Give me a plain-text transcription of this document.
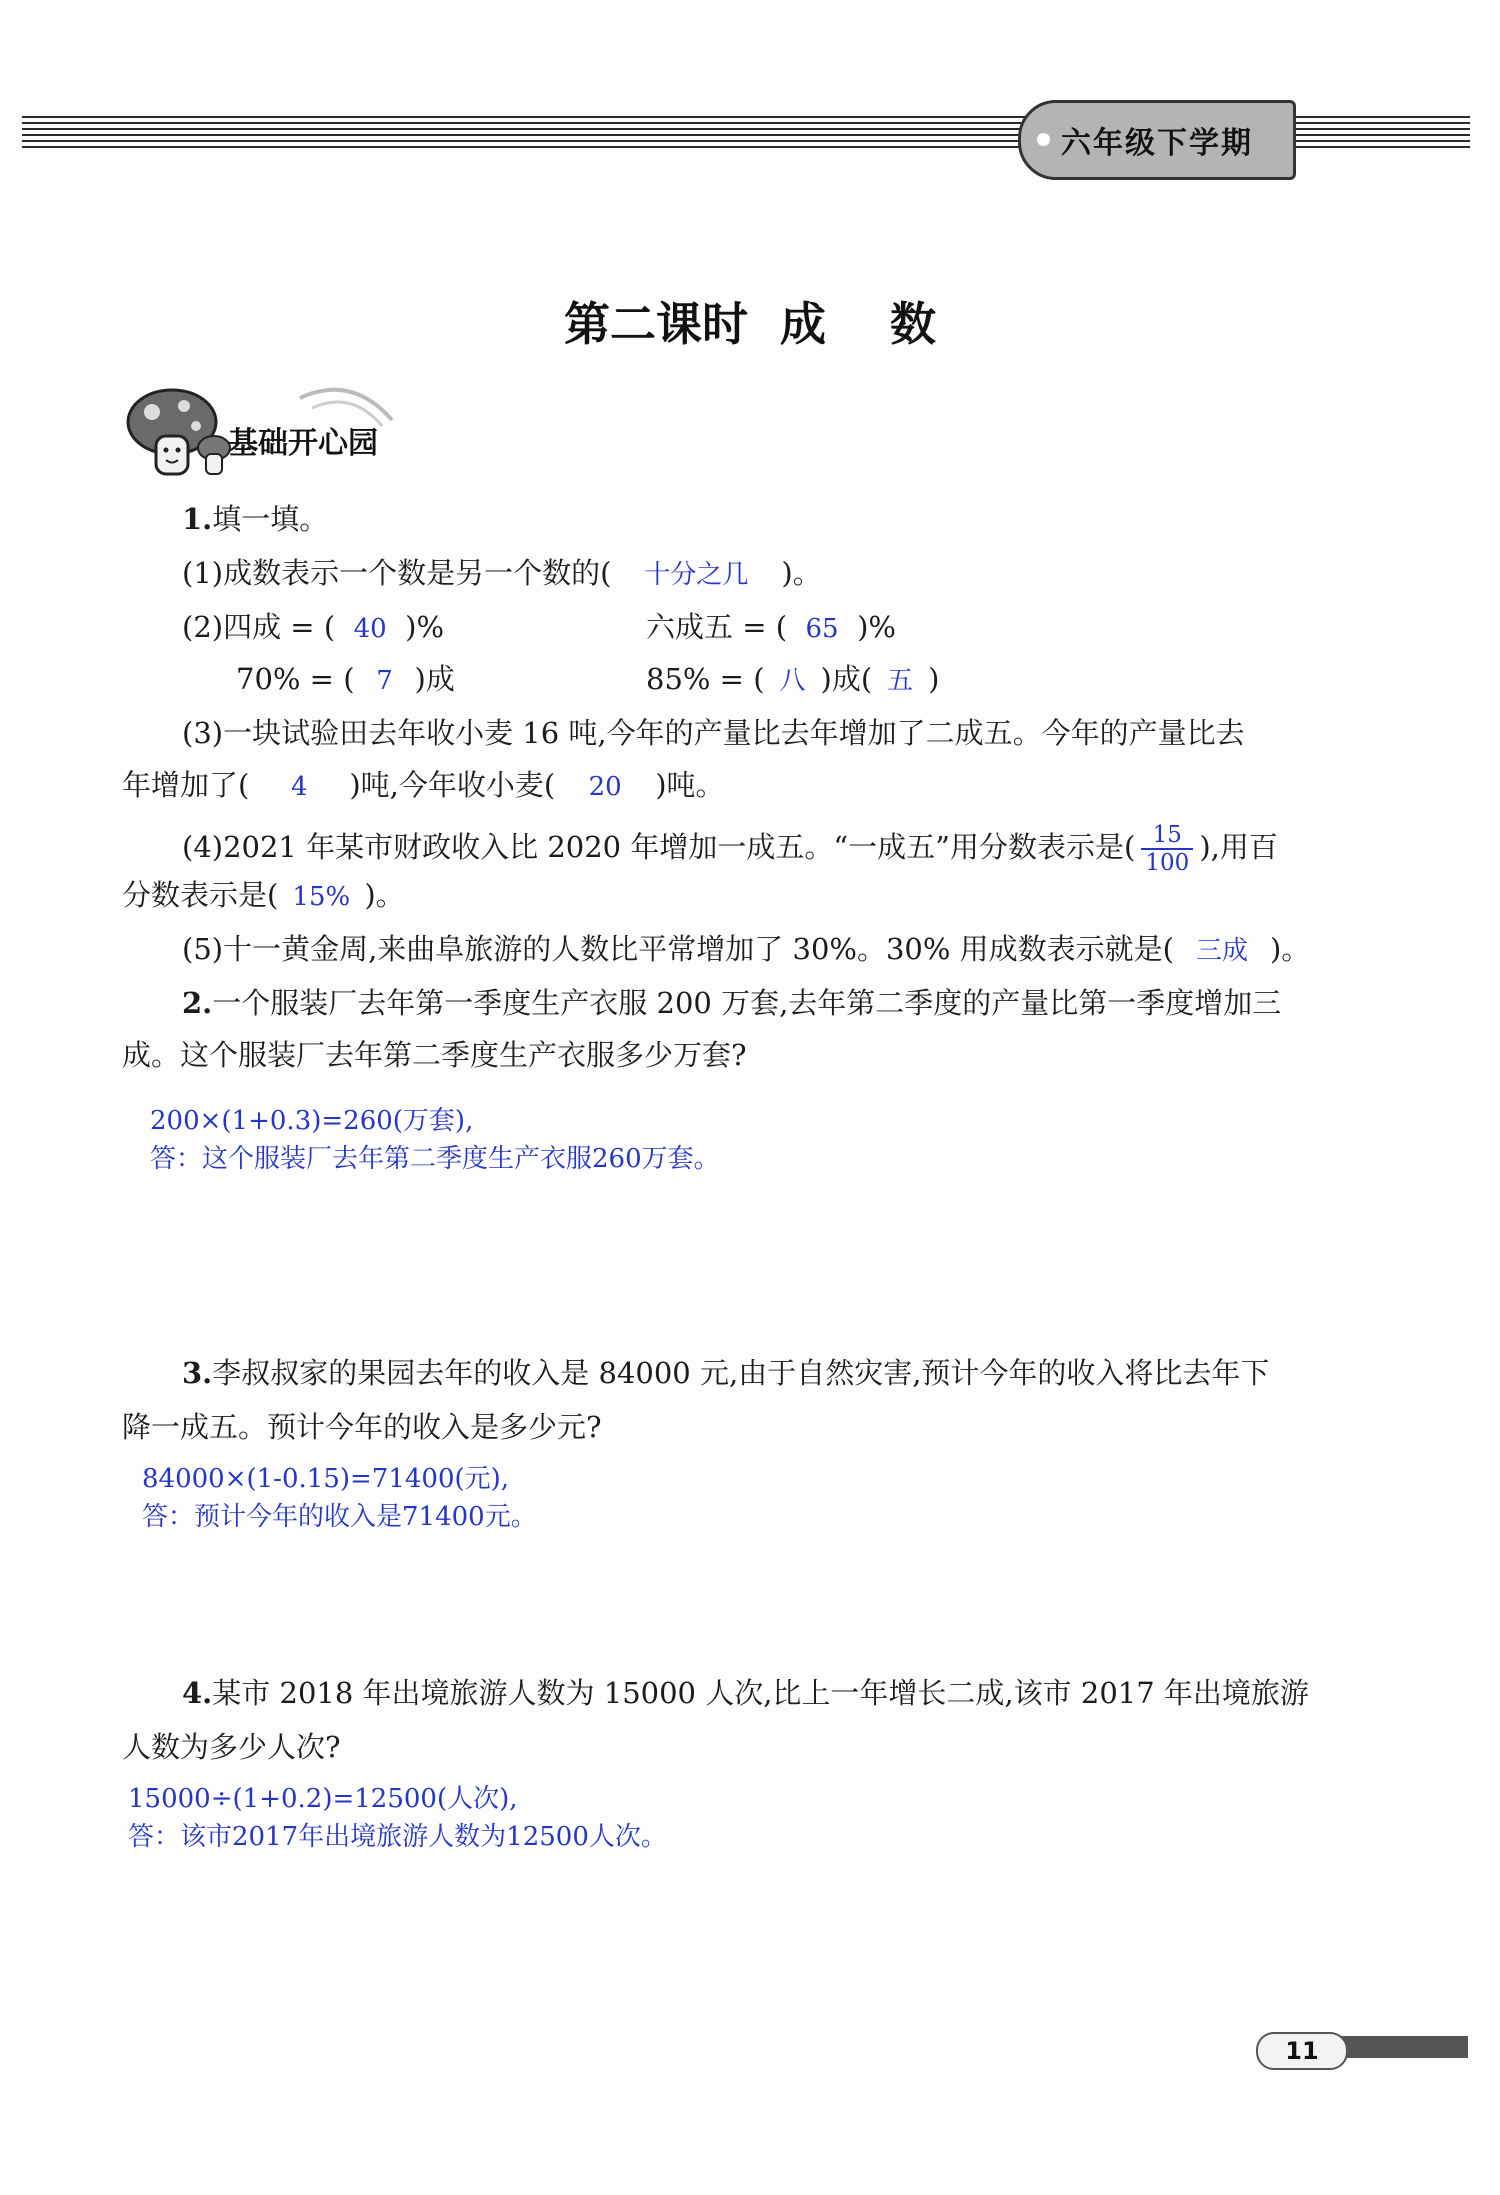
六年级下学期
第二课时  成    数
基础开心园
1.填一填。
(1)成数表示一个数是另一个数的( 十分之几 )。
(2)四成 = ( 40 )%	六成五 = ( 65 )%
70% = ( 7 )成	85% = ( 八 )成( 五 )
(3)一块试验田去年收小麦 16 吨,今年的产量比去年增加了二成五。今年的产量比去
年增加了( 4 )吨,今年收小麦( 20 )吨。
(4)2021 年某市财政收入比 2020 年增加一成五。“一成五”用分数表示是( $\frac{15}{100}$ ),用百
分数表示是( 15% )。
(5)十一黄金周,来曲阜旅游的人数比平常增加了 30%。30% 用成数表示就是( 三成 )。
2.一个服装厂去年第一季度生产衣服 200 万套,去年第二季度的产量比第一季度增加三
成。这个服装厂去年第二季度生产衣服多少万套?
200×(1+0.3)=260(万套),
答：这个服装厂去年第二季度生产衣服260万套。
3.李叔叔家的果园去年的收入是 84000 元,由于自然灾害,预计今年的收入将比去年下
降一成五。预计今年的收入是多少元?
84000×(1-0.15)=71400(元),
答：预计今年的收入是71400元。
4.某市 2018 年出境旅游人数为 15000 人次,比上一年增长二成,该市 2017 年出境旅游
人数为多少人次?
15000÷(1+0.2)=12500(人次),
答：该市2017年出境旅游人数为12500人次。
11
